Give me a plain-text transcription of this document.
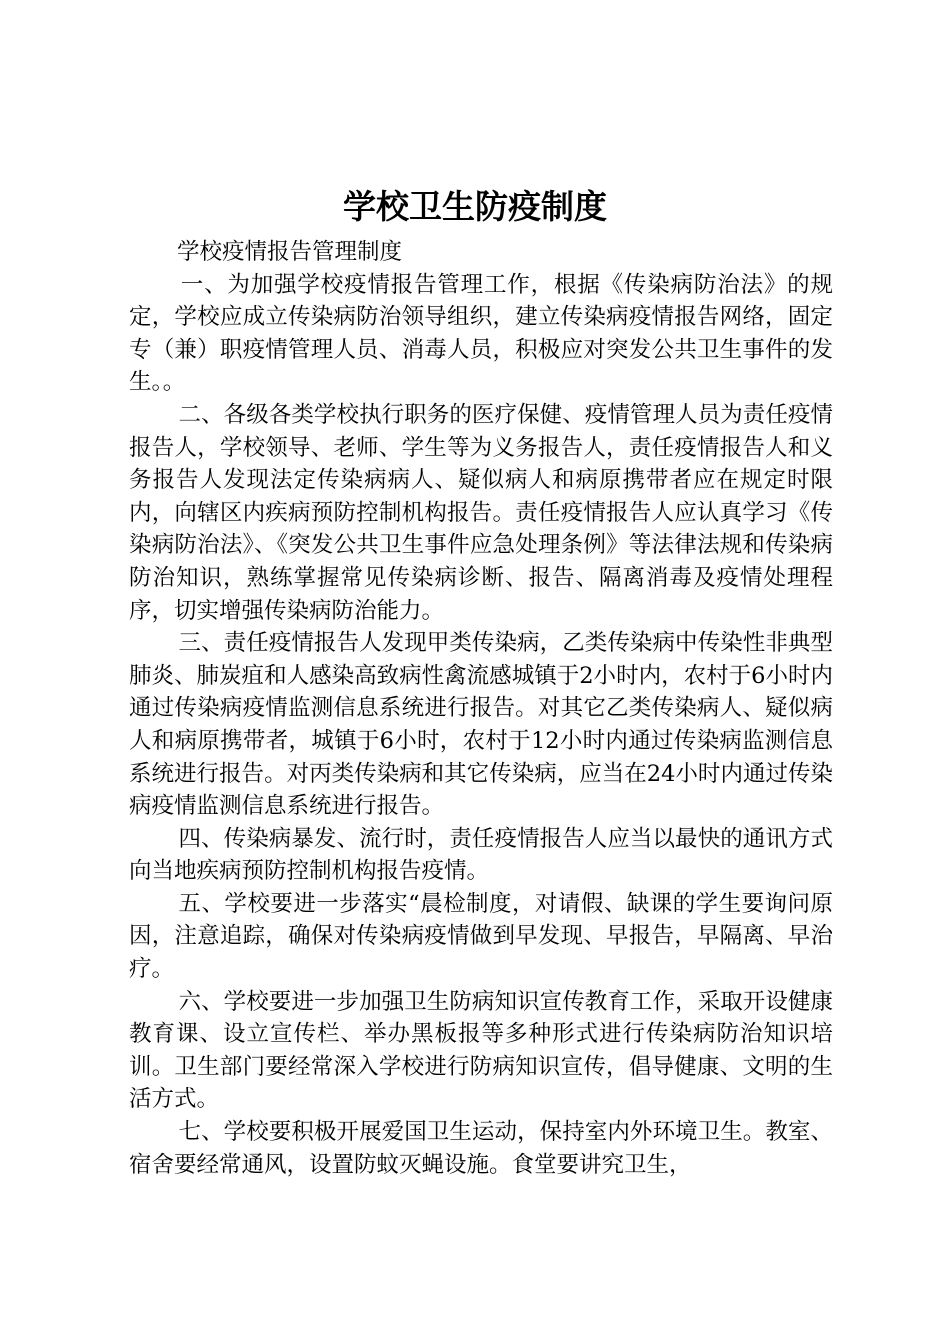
学校卫生防疫制度

学校疫情报告管理制度

一、为加强学校疫情报告管理工作，根据《传染病防治法》的规定，学校应成立传染病防治领导组织，建立传染病疫情报告网络，固定专（兼）职疫情管理人员、消毒人员，积极应对突发公共卫生事件的发生。。

二、各级各类学校执行职务的医疗保健、疫情管理人员为责任疫情报告人，学校领导、老师、学生等为义务报告人，责任疫情报告人和义务报告人发现法定传染病病人、疑似病人和病原携带者应在规定时限内，向辖区内疾病预防控制机构报告。责任疫情报告人应认真学习《传染病防治法》、《突发公共卫生事件应急处理条例》等法律法规和传染病防治知识，熟练掌握常见传染病诊断、报告、隔离消毒及疫情处理程序，切实增强传染病防治能力。

三、责任疫情报告人发现甲类传染病，乙类传染病中传染性非典型肺炎、肺炭疽和人感染高致病性禽流感城镇于2小时内，农村于6小时内通过传染病疫情监测信息系统进行报告。对其它乙类传染病人、疑似病人和病原携带者，城镇于6小时，农村于12小时内通过传染病监测信息系统进行报告。对丙类传染病和其它传染病，应当在24小时内通过传染病疫情监测信息系统进行报告。

四、传染病暴发、流行时，责任疫情报告人应当以最快的通讯方式向当地疾病预防控制机构报告疫情。

五、学校要进一步落实“晨检制度，对请假、缺课的学生要询问原因，注意追踪，确保对传染病疫情做到早发现、早报告，早隔离、早治疗。

六、学校要进一步加强卫生防病知识宣传教育工作，采取开设健康教育课、设立宣传栏、举办黑板报等多种形式进行传染病防治知识培训。卫生部门要经常深入学校进行防病知识宣传，倡导健康、文明的生活方式。

七、学校要积极开展爱国卫生运动，保持室内外环境卫生。教室、宿舍要经常通风，设置防蚊灭蝇设施。食堂要讲究卫生，
